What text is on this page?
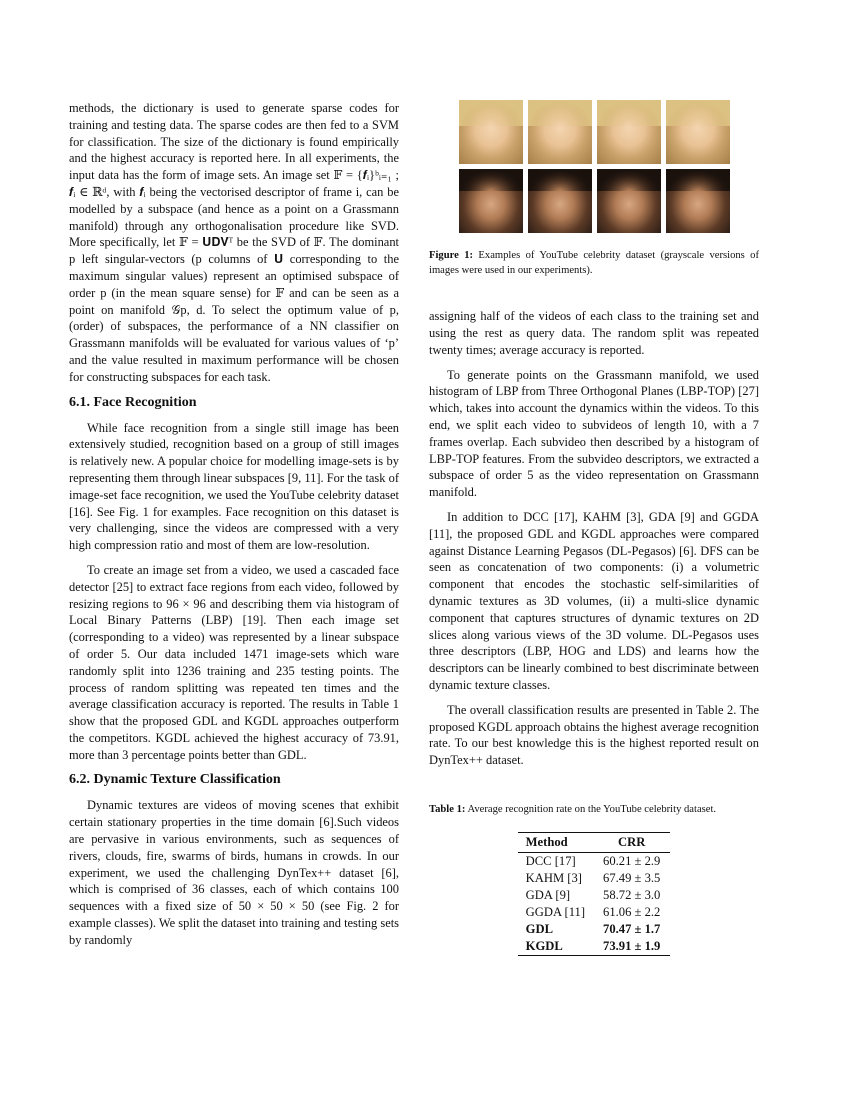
methods, the dictionary is used to generate sparse codes for training and testing data. The sparse codes are then fed to a SVM for classification. The size of the dictionary is found empirically and the highest accuracy is reported here. In all experiments, the input data has the form of image sets. An image set 𝔽 = {𝒇ᵢ}ᵇᵢ₌₁ ; 𝒇ᵢ ∈ ℝᵈ, with 𝒇ᵢ being the vectorised descriptor of frame i, can be modelled by a subspace (and hence as a point on a Grassmann manifold) through any orthogonalisation procedure like SVD. More specifically, let 𝔽 = 𝐔𝐃𝐕ᵀ be the SVD of 𝔽. The dominant p left singular-vectors (p columns of 𝐔 corresponding to the maximum singular values) represent an optimised subspace of order p (in the mean square sense) for 𝔽 and can be seen as a point on manifold 𝒢p, d. To select the optimum value of p, (order) of subspaces, the performance of a NN classifier on Grassmann manifolds will be evaluated for various values of ‘p’ and the value resulted in maximum performance will be chosen for constructing subspaces for each task.

6.1. Face Recognition

While face recognition from a single still image has been extensively studied, recognition based on a group of still images is relatively new. A popular choice for modelling image-sets is by representing them through linear subspaces [9, 11]. For the task of image-set face recognition, we used the YouTube celebrity dataset [16]. See Fig. 1 for examples. Face recognition on this dataset is very challenging, since the videos are compressed with a very high compression ratio and most of them are low-resolution.

To create an image set from a video, we used a cascaded face detector [25] to extract face regions from each video, followed by resizing regions to 96 × 96 and describing them via histogram of Local Binary Patterns (LBP) [19]. Then each image set (corresponding to a video) was represented by a linear subspace of order 5. Our data included 1471 image-sets which ware randomly split into 1236 training and 235 testing points. The process of random splitting was repeated ten times and the average classification accuracy is reported. The results in Table 1 show that the proposed GDL and KGDL approaches outperform the competitors. KGDL achieved the highest accuracy of 73.91, more than 3 percentage points better than GDL.

6.2. Dynamic Texture Classification

Dynamic textures are videos of moving scenes that exhibit certain stationary properties in the time domain [6].Such videos are pervasive in various environments, such as sequences of rivers, clouds, fire, swarms of birds, humans in crowds. In our experiment, we used the challenging DynTex++ dataset [6], which is comprised of 36 classes, each of which contains 100 sequences with a fixed size of 50 × 50 × 50 (see Fig. 2 for example classes). We split the dataset into training and testing sets by randomly

Figure 1: Examples of YouTube celebrity dataset (grayscale versions of images were used in our experiments).

assigning half of the videos of each class to the training set and using the rest as query data. The random split was repeated twenty times; average accuracy is reported.

To generate points on the Grassmann manifold, we used histogram of LBP from Three Orthogonal Planes (LBP-TOP) [27] which, takes into account the dynamics within the videos. To this end, we split each video to subvideos of length 10, with a 7 frames overlap. Each subvideo then described by a histogram of LBP-TOP features. From the subvideo descriptors, we extracted a subspace of order 5 as the video representation on Grassmann manifold.

In addition to DCC [17], KAHM [3], GDA [9] and GGDA [11], the proposed GDL and KGDL approaches were compared against Distance Learning Pegasos (DL-Pegasos) [6]. DFS can be seen as concatenation of two components: (i) a volumetric component that encodes the stochastic self-similarities of dynamic textures as 3D volumes, (ii) a multi-slice dynamic component that captures structures of dynamic textures on 2D slices along various views of the 3D volume. DL-Pegasos uses three descriptors (LBP, HOG and LDS) and learns how the descriptors can be linearly combined to best discriminate between dynamic texture classes.

The overall classification results are presented in Table 2. The proposed KGDL approach obtains the highest average recognition rate. To our best knowledge this is the highest reported result on DynTex++ dataset.

Table 1: Average recognition rate on the YouTube celebrity dataset.
Method	CRR
DCC [17]	60.21 ± 2.9
KAHM [3]	67.49 ± 3.5
GDA [9]	58.72 ± 3.0
GGDA [11]	61.06 ± 2.2
GDL	70.47 ± 1.7
KGDL	73.91 ± 1.9
